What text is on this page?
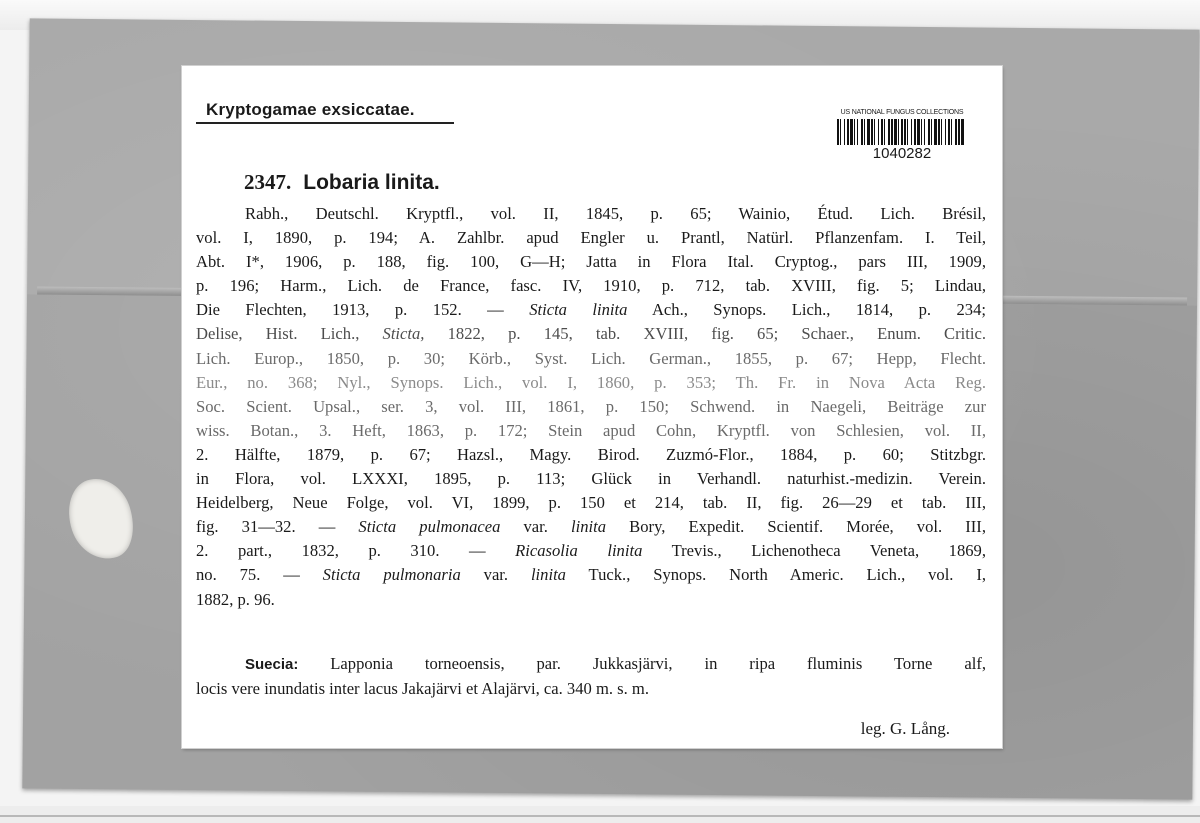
Kryptogamae exsiccatae.	US NATIONAL FUNGUS COLLECTIONS
1040282
2347. Lobaria linita.
Rabh., Deutschl. Kryptfl., vol. II, 1845, p. 65; Wainio, Étud. Lich. Brésil,
vol. I, 1890, p. 194; A. Zahlbr. apud Engler u. Prantl, Natürl. Pflanzenfam. I. Teil,
Abt. I*, 1906, p. 188, fig. 100, G—H; Jatta in Flora Ital. Cryptog., pars III, 1909,
p. 196; Harm., Lich. de France, fasc. IV, 1910, p. 712, tab. XVIII, fig. 5; Lindau,
Die Flechten, 1913, p. 152. — Sticta linita Ach., Synops. Lich., 1814, p. 234;
Delise, Hist. Lich., Sticta, 1822, p. 145, tab. XVIII, fig. 65; Schaer., Enum. Critic.
Lich. Europ., 1850, p. 30; Körb., Syst. Lich. German., 1855, p. 67; Hepp, Flecht.
Eur., no. 368; Nyl., Synops. Lich., vol. I, 1860, p. 353; Th. Fr. in Nova Acta Reg.
Soc. Scient. Upsal., ser. 3, vol. III, 1861, p. 150; Schwend. in Naegeli, Beiträge zur
wiss. Botan., 3. Heft, 1863, p. 172; Stein apud Cohn, Kryptfl. von Schlesien, vol. II,
2. Hälfte, 1879, p. 67; Hazsl., Magy. Birod. Zuzmó-Flor., 1884, p. 60; Stitzbgr.
in Flora, vol. LXXXI, 1895, p. 113; Glück in Verhandl. naturhist.-medizin. Verein.
Heidelberg, Neue Folge, vol. VI, 1899, p. 150 et 214, tab. II, fig. 26—29 et tab. III,
fig. 31—32. — Sticta pulmonacea var. linita Bory, Expedit. Scientif. Morée, vol. III,
2. part., 1832, p. 310. — Ricasolia linita Trevis., Lichenotheca Veneta, 1869,
no. 75. — Sticta pulmonaria var. linita Tuck., Synops. North Americ. Lich., vol. I,
1882, p. 96.
Suecia: Lapponia torneoensis, par. Jukkasjärvi, in ripa fluminis Torne alf,
locis vere inundatis inter lacus Jakajärvi et Alajärvi, ca. 340 m. s. m.

leg. G. Lång.
